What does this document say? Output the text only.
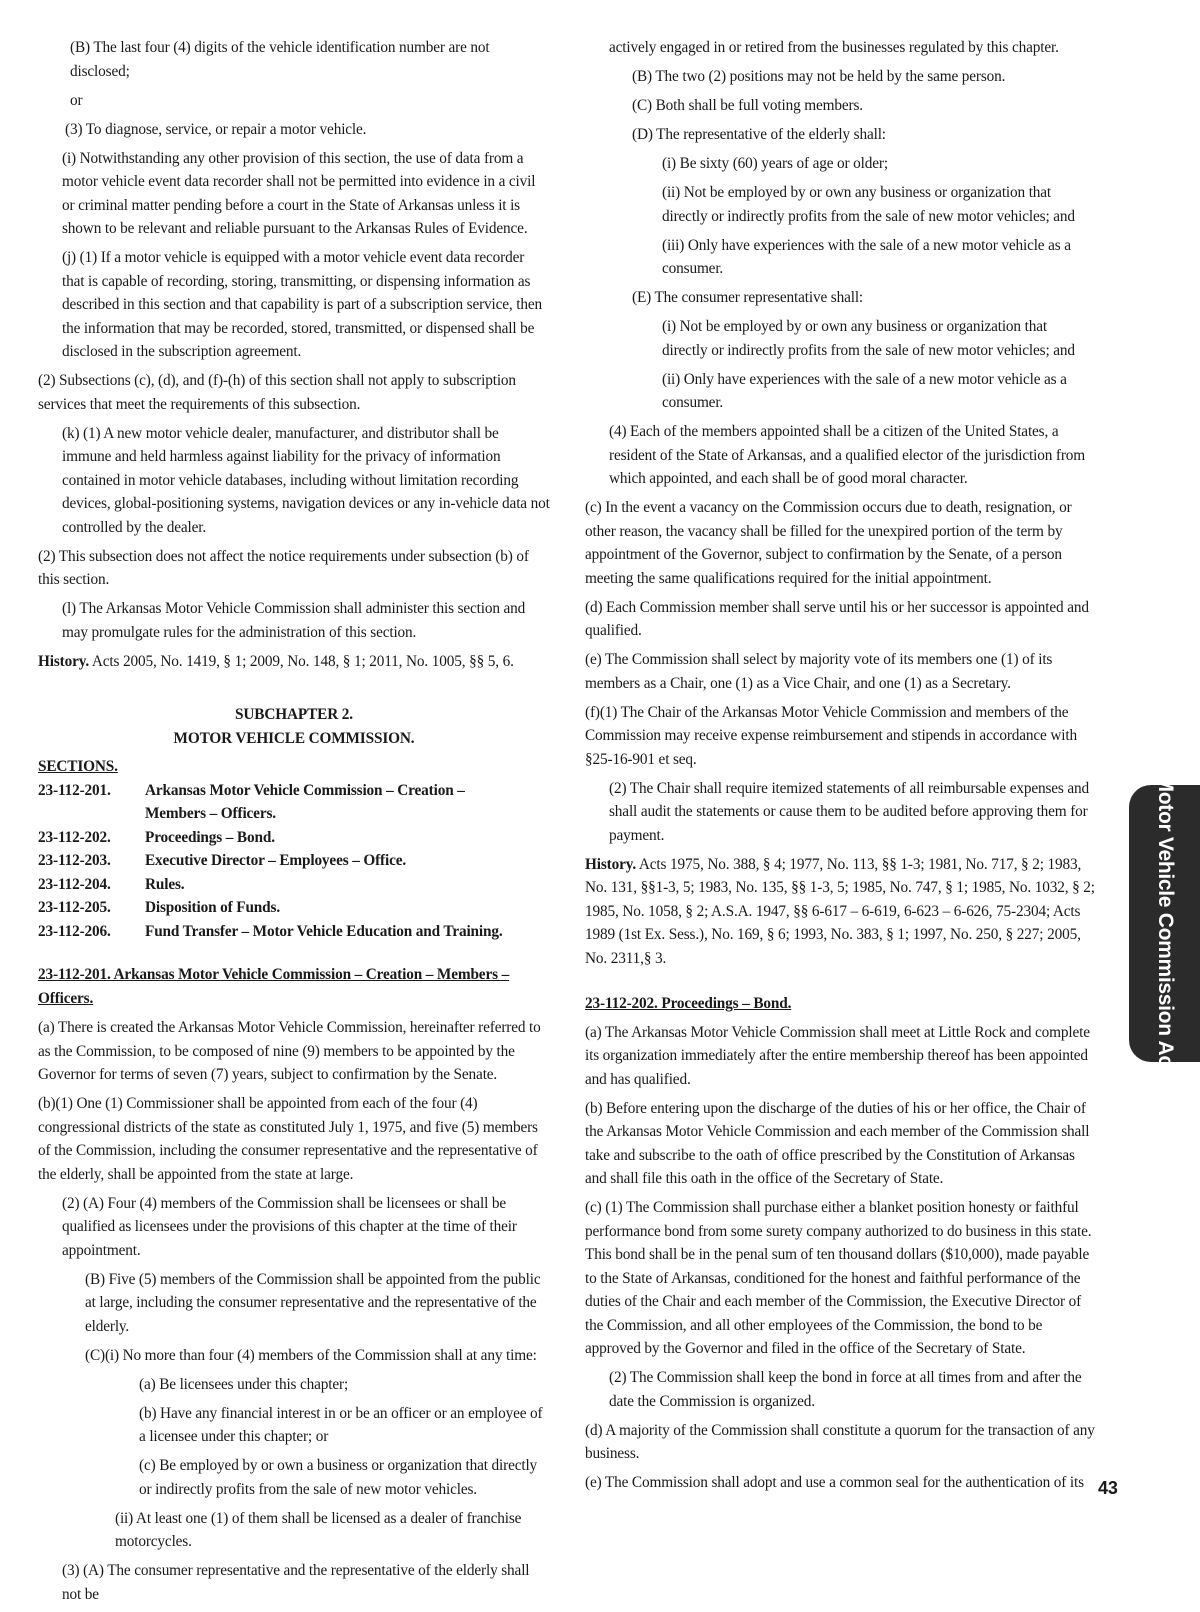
(B) The last four (4) digits of the vehicle identification number are not disclosed;

or

(3) To diagnose, service, or repair a motor vehicle.

(i) Notwithstanding any other provision of this section, the use of data from a motor vehicle event data recorder shall not be permitted into evidence in a civil or criminal matter pending before a court in the State of Arkansas unless it is shown to be relevant and reliable pursuant to the Arkansas Rules of Evidence.

(j) (1) If a motor vehicle is equipped with a motor vehicle event data recorder that is capable of recording, storing, transmitting, or dispensing information as described in this section and that capability is part of a subscription service, then the information that may be recorded, stored, transmitted, or dispensed shall be disclosed in the subscription agreement.

(2) Subsections (c), (d), and (f)-(h) of this section shall not apply to subscription services that meet the requirements of this subsection.

(k) (1) A new motor vehicle dealer, manufacturer, and distributor shall be immune and held harmless against liability for the privacy of information contained in motor vehicle databases, including without limitation recording devices, global-positioning systems, navigation devices or any in-vehicle data not controlled by the dealer.

(2) This subsection does not affect the notice requirements under subsection (b) of this section.

(l) The Arkansas Motor Vehicle Commission shall administer this section and may promulgate rules for the administration of this section.

History. Acts 2005, No. 1419, § 1; 2009, No. 148, § 1; 2011, No. 1005, §§ 5, 6.

SUBCHAPTER 2.
MOTOR VEHICLE COMMISSION.
SECTIONS.
23-112-201.	Arkansas Motor Vehicle Commission – Creation – Members – Officers.
23-112-202.	Proceedings – Bond.
23-112-203.	Executive Director – Employees – Office.
23-112-204.	Rules.
23-112-205.	Disposition of Funds.
23-112-206.	Fund Transfer – Motor Vehicle Education and Training.
23-112-201. Arkansas Motor Vehicle Commission – Creation – Members – Officers.

(a) There is created the Arkansas Motor Vehicle Commission, hereinafter referred to as the Commission, to be composed of nine (9) members to be appointed by the Governor for terms of seven (7) years, subject to confirmation by the Senate.

(b)(1) One (1) Commissioner shall be appointed from each of the four (4) congressional districts of the state as constituted July 1, 1975, and five (5) members of the Commission, including the consumer representative and the representative of the elderly, shall be appointed from the state at large.

(2) (A) Four (4) members of the Commission shall be licensees or shall be qualified as licensees under the provisions of this chapter at the time of their appointment.

(B) Five (5) members of the Commission shall be appointed from the public at large, including the consumer representative and the representative of the elderly.

(C)(i) No more than four (4) members of the Commission shall at any time:

(a) Be licensees under this chapter;

(b) Have any financial interest in or be an officer or an employee of a licensee under this chapter; or

(c) Be employed by or own a business or organization that directly or indirectly profits from the sale of new motor vehicles.

(ii) At least one (1) of them shall be licensed as a dealer of franchise motorcycles.

(3) (A) The consumer representative and the representative of the elderly shall not be

actively engaged in or retired from the businesses regulated by this chapter.

(B) The two (2) positions may not be held by the same person.

(C) Both shall be full voting members.

(D) The representative of the elderly shall:

(i) Be sixty (60) years of age or older;

(ii) Not be employed by or own any business or organization that directly or indirectly profits from the sale of new motor vehicles; and

(iii) Only have experiences with the sale of a new motor vehicle as a consumer.

(E) The consumer representative shall:

(i) Not be employed by or own any business or organization that directly or indirectly profits from the sale of new motor vehicles; and

(ii) Only have experiences with the sale of a new motor vehicle as a consumer.

(4) Each of the members appointed shall be a citizen of the United States, a resident of the State of Arkansas, and a qualified elector of the jurisdiction from which appointed, and each shall be of good moral character.

(c) In the event a vacancy on the Commission occurs due to death, resignation, or other reason, the vacancy shall be filled for the unexpired portion of the term by appointment of the Governor, subject to confirmation by the Senate, of a person meeting the same qualifications required for the initial appointment.

(d) Each Commission member shall serve until his or her successor is appointed and qualified.

(e) The Commission shall select by majority vote of its members one (1) of its members as a Chair, one (1) as a Vice Chair, and one (1) as a Secretary.

(f)(1) The Chair of the Arkansas Motor Vehicle Commission and members of the Commission may receive expense reimbursement and stipends in accordance with §25-16-901 et seq.

(2) The Chair shall require itemized statements of all reimbursable expenses and shall audit the statements or cause them to be audited before approving them for payment.

History. Acts 1975, No. 388, § 4; 1977, No. 113, §§ 1-3; 1981, No. 717, § 2; 1983, No. 131, §§1-3, 5; 1983, No. 135, §§ 1-3, 5; 1985, No. 747, § 1; 1985, No. 1032, § 2; 1985, No. 1058, § 2; A.S.A. 1947, §§ 6-617 – 6-619, 6-623 – 6-626, 75-2304; Acts 1989 (1st Ex. Sess.), No. 169, § 6; 1993, No. 383, § 1; 1997, No. 250, § 227; 2005, No. 2311,§ 3.

23-112-202. Proceedings – Bond.

(a) The Arkansas Motor Vehicle Commission shall meet at Little Rock and complete its organization immediately after the entire membership thereof has been appointed and has qualified.

(b) Before entering upon the discharge of the duties of his or her office, the Chair of the Arkansas Motor Vehicle Commission and each member of the Commission shall take and subscribe to the oath of office prescribed by the Constitution of Arkansas and shall file this oath in the office of the Secretary of State.

(c) (1) The Commission shall purchase either a blanket position honesty or faithful performance bond from some surety company authorized to do business in this state. This bond shall be in the penal sum of ten thousand dollars ($10,000), made payable to the State of Arkansas, conditioned for the honest and faithful performance of the duties of the Chair and each member of the Commission, the Executive Director of the Commission, and all other employees of the Commission, the bond to be approved by the Governor and filed in the office of the Secretary of State.

(2) The Commission shall keep the bond in force at all times from and after the date the Commission is organized.

(d) A majority of the Commission shall constitute a quorum for the transaction of any business.

(e) The Commission shall adopt and use a common seal for the authentication of its

Motor Vehicle Commission Act
43
